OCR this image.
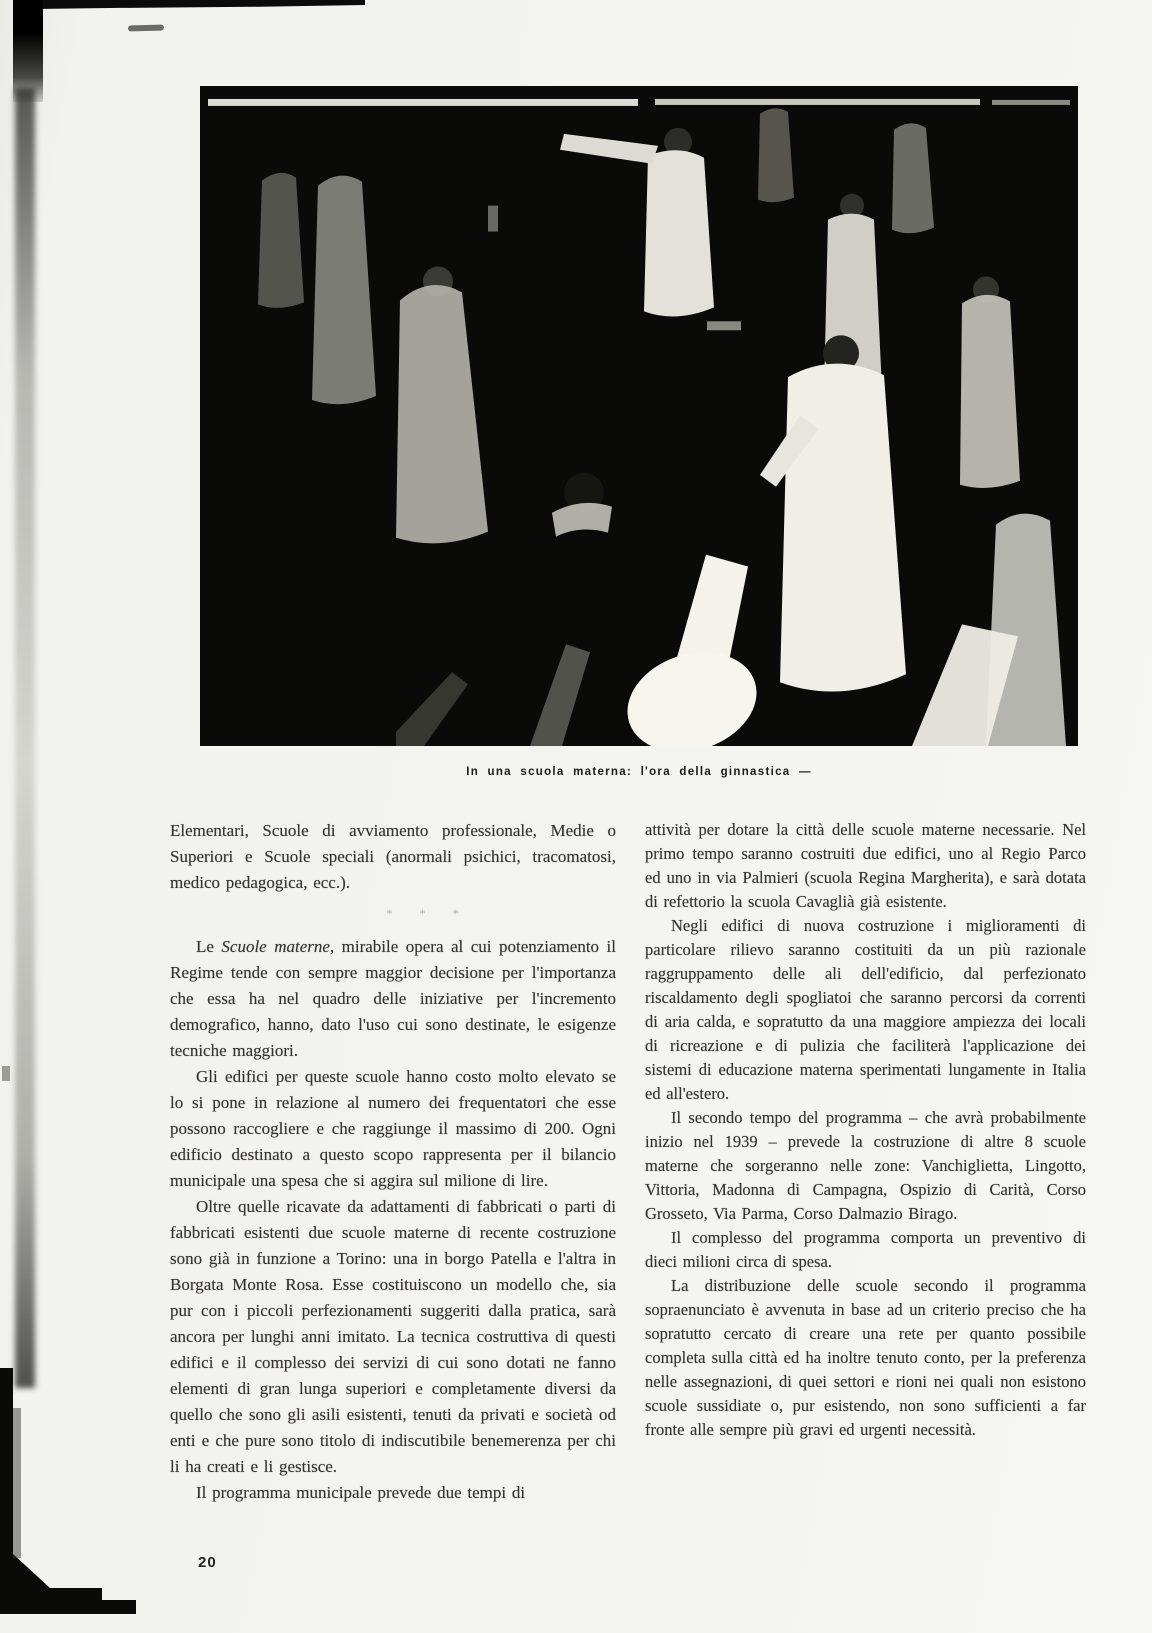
In una scuola materna: l'ora della ginnastica —

Elementari, Scuole di avviamento professionale, Medie o Superiori e Scuole speciali (anormali psichici, tracomatosi, medico pedagogica, ecc.).

* * *

Le Scuole materne, mirabile opera al cui potenziamento il Regime tende con sempre maggior decisione per l'importanza che essa ha nel quadro delle iniziative per l'incremento demografico, hanno, dato l'uso cui sono destinate, le esigenze tecniche maggiori.

Gli edifici per queste scuole hanno costo molto elevato se lo si pone in relazione al numero dei frequentatori che esse possono raccogliere e che raggiunge il massimo di 200. Ogni edificio destinato a questo scopo rappresenta per il bilancio municipale una spesa che si aggira sul milione di lire.

Oltre quelle ricavate da adattamenti di fabbricati o parti di fabbricati esistenti due scuole materne di recente costruzione sono già in funzione a Torino: una in borgo Patella e l'altra in Borgata Monte Rosa. Esse costituiscono un modello che, sia pur con i piccoli perfezionamenti suggeriti dalla pratica, sarà ancora per lunghi anni imitato. La tecnica costruttiva di questi edifici e il complesso dei servizi di cui sono dotati ne fanno elementi di gran lunga superiori e completamente diversi da quello che sono gli asili esistenti, tenuti da privati e società od enti e che pure sono titolo di indiscutibile benemerenza per chi li ha creati e li gestisce.

Il programma municipale prevede due tempi di

attività per dotare la città delle scuole materne necessarie. Nel primo tempo saranno costruiti due edifici, uno al Regio Parco ed uno in via Palmieri (scuola Regina Margherita), e sarà dotata di refettorio la scuola Cavaglià già esistente.

Negli edifici di nuova costruzione i miglioramenti di particolare rilievo saranno costituiti da un più razionale raggruppamento delle ali dell'edificio, dal perfezionato riscaldamento degli spogliatoi che saranno percorsi da correnti di aria calda, e sopratutto da una maggiore ampiezza dei locali di ricreazione e di pulizia che faciliterà l'applicazione dei sistemi di educazione materna sperimentati lungamente in Italia ed all'estero.

Il secondo tempo del programma – che avrà probabilmente inizio nel 1939 – prevede la costruzione di altre 8 scuole materne che sorgeranno nelle zone: Vanchiglietta, Lingotto, Vittoria, Madonna di Campagna, Ospizio di Carità, Corso Grosseto, Via Parma, Corso Dalmazio Birago.

Il complesso del programma comporta un preventivo di dieci milioni circa di spesa.

La distribuzione delle scuole secondo il programma sopraenunciato è avvenuta in base ad un criterio preciso che ha sopratutto cercato di creare una rete per quanto possibile completa sulla città ed ha inoltre tenuto conto, per la preferenza nelle assegnazioni, di quei settori e rioni nei quali non esistono scuole sussidiate o, pur esistendo, non sono sufficienti a far fronte alle sempre più gravi ed urgenti necessità.

20
